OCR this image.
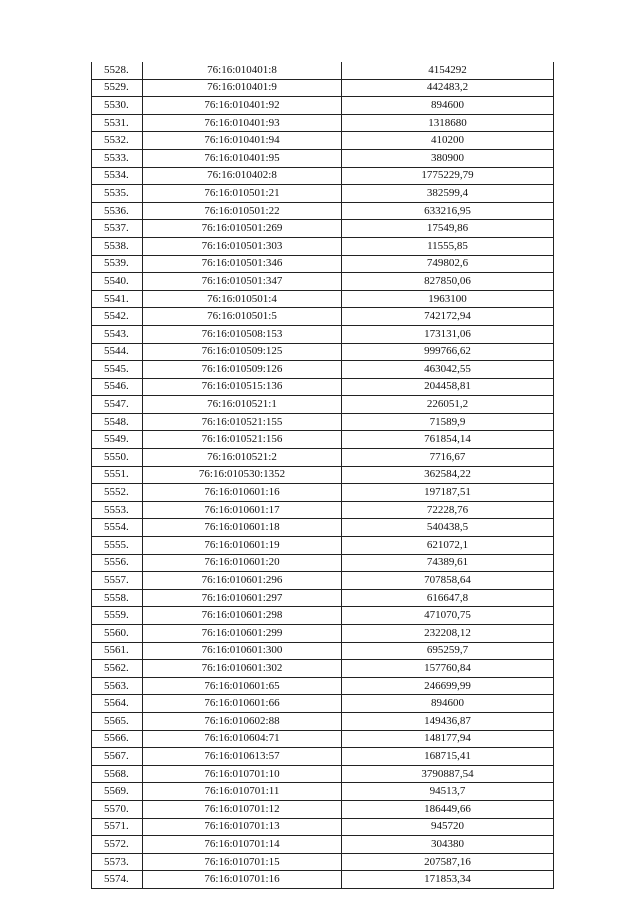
5528.	76:16:010401:8	4154292
5529.	76:16:010401:9	442483,2
5530.	76:16:010401:92	894600
5531.	76:16:010401:93	1318680
5532.	76:16:010401:94	410200
5533.	76:16:010401:95	380900
5534.	76:16:010402:8	1775229,79
5535.	76:16:010501:21	382599,4
5536.	76:16:010501:22	633216,95
5537.	76:16:010501:269	17549,86
5538.	76:16:010501:303	11555,85
5539.	76:16:010501:346	749802,6
5540.	76:16:010501:347	827850,06
5541.	76:16:010501:4	1963100
5542.	76:16:010501:5	742172,94
5543.	76:16:010508:153	173131,06
5544.	76:16:010509:125	999766,62
5545.	76:16:010509:126	463042,55
5546.	76:16:010515:136	204458,81
5547.	76:16:010521:1	226051,2
5548.	76:16:010521:155	71589,9
5549.	76:16:010521:156	761854,14
5550.	76:16:010521:2	7716,67
5551.	76:16:010530:1352	362584,22
5552.	76:16:010601:16	197187,51
5553.	76:16:010601:17	72228,76
5554.	76:16:010601:18	540438,5
5555.	76:16:010601:19	621072,1
5556.	76:16:010601:20	74389,61
5557.	76:16:010601:296	707858,64
5558.	76:16:010601:297	616647,8
5559.	76:16:010601:298	471070,75
5560.	76:16:010601:299	232208,12
5561.	76:16:010601:300	695259,7
5562.	76:16:010601:302	157760,84
5563.	76:16:010601:65	246699,99
5564.	76:16:010601:66	894600
5565.	76:16:010602:88	149436,87
5566.	76:16:010604:71	148177,94
5567.	76:16:010613:57	168715,41
5568.	76:16:010701:10	3790887,54
5569.	76:16:010701:11	94513,7
5570.	76:16:010701:12	186449,66
5571.	76:16:010701:13	945720
5572.	76:16:010701:14	304380
5573.	76:16:010701:15	207587,16
5574.	76:16:010701:16	171853,34
